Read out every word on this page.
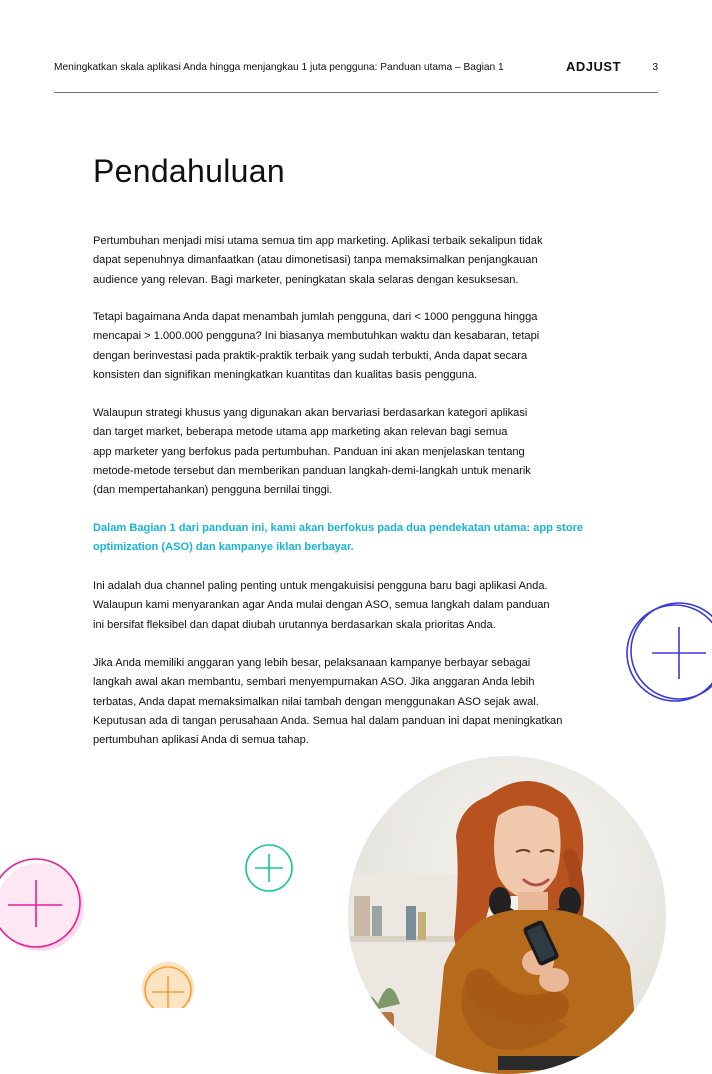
Meningkatkan skala aplikasi Anda hingga menjangkau 1 juta pengguna: Panduan utama – Bagian 1	ADJUST	3
Pendahuluan

Pertumbuhan menjadi misi utama semua tim app marketing. Aplikasi terbaik sekalipun tidak
dapat sepenuhnya dimanfaatkan (atau dimonetisasi) tanpa memaksimalkan penjangkauan
audience yang relevan. Bagi marketer, peningkatan skala selaras dengan kesuksesan.

Tetapi bagaimana Anda dapat menambah jumlah pengguna, dari < 1000 pengguna hingga
mencapai > 1.000.000 pengguna? Ini biasanya membutuhkan waktu dan kesabaran, tetapi
dengan berinvestasi pada praktik-praktik terbaik yang sudah terbukti, Anda dapat secara
konsisten dan signifikan meningkatkan kuantitas dan kualitas basis pengguna.

Walaupun strategi khusus yang digunakan akan bervariasi berdasarkan kategori aplikasi
dan target market, beberapa metode utama app marketing akan relevan bagi semua
app marketer yang berfokus pada pertumbuhan. Panduan ini akan menjelaskan tentang
metode-metode tersebut dan memberikan panduan langkah-demi-langkah untuk menarik
(dan mempertahankan) pengguna bernilai tinggi.

Dalam Bagian 1 dari panduan ini, kami akan berfokus pada dua pendekatan utama: app store
optimization (ASO) dan kampanye iklan berbayar.

Ini adalah dua channel paling penting untuk mengakuisisi pengguna baru bagi aplikasi Anda.
Walaupun kami menyarankan agar Anda mulai dengan ASO, semua langkah dalam panduan
ini bersifat fleksibel dan dapat diubah urutannya berdasarkan skala prioritas Anda.

Jika Anda memiliki anggaran yang lebih besar, pelaksanaan kampanye berbayar sebagai
langkah awal akan membantu, sembari menyempurnakan ASO. Jika anggaran Anda lebih
terbatas, Anda dapat memaksimalkan nilai tambah dengan menggunakan ASO sejak awal.
Keputusan ada di tangan perusahaan Anda. Semua hal dalam panduan ini dapat meningkatkan
pertumbuhan aplikasi Anda di semua tahap.
